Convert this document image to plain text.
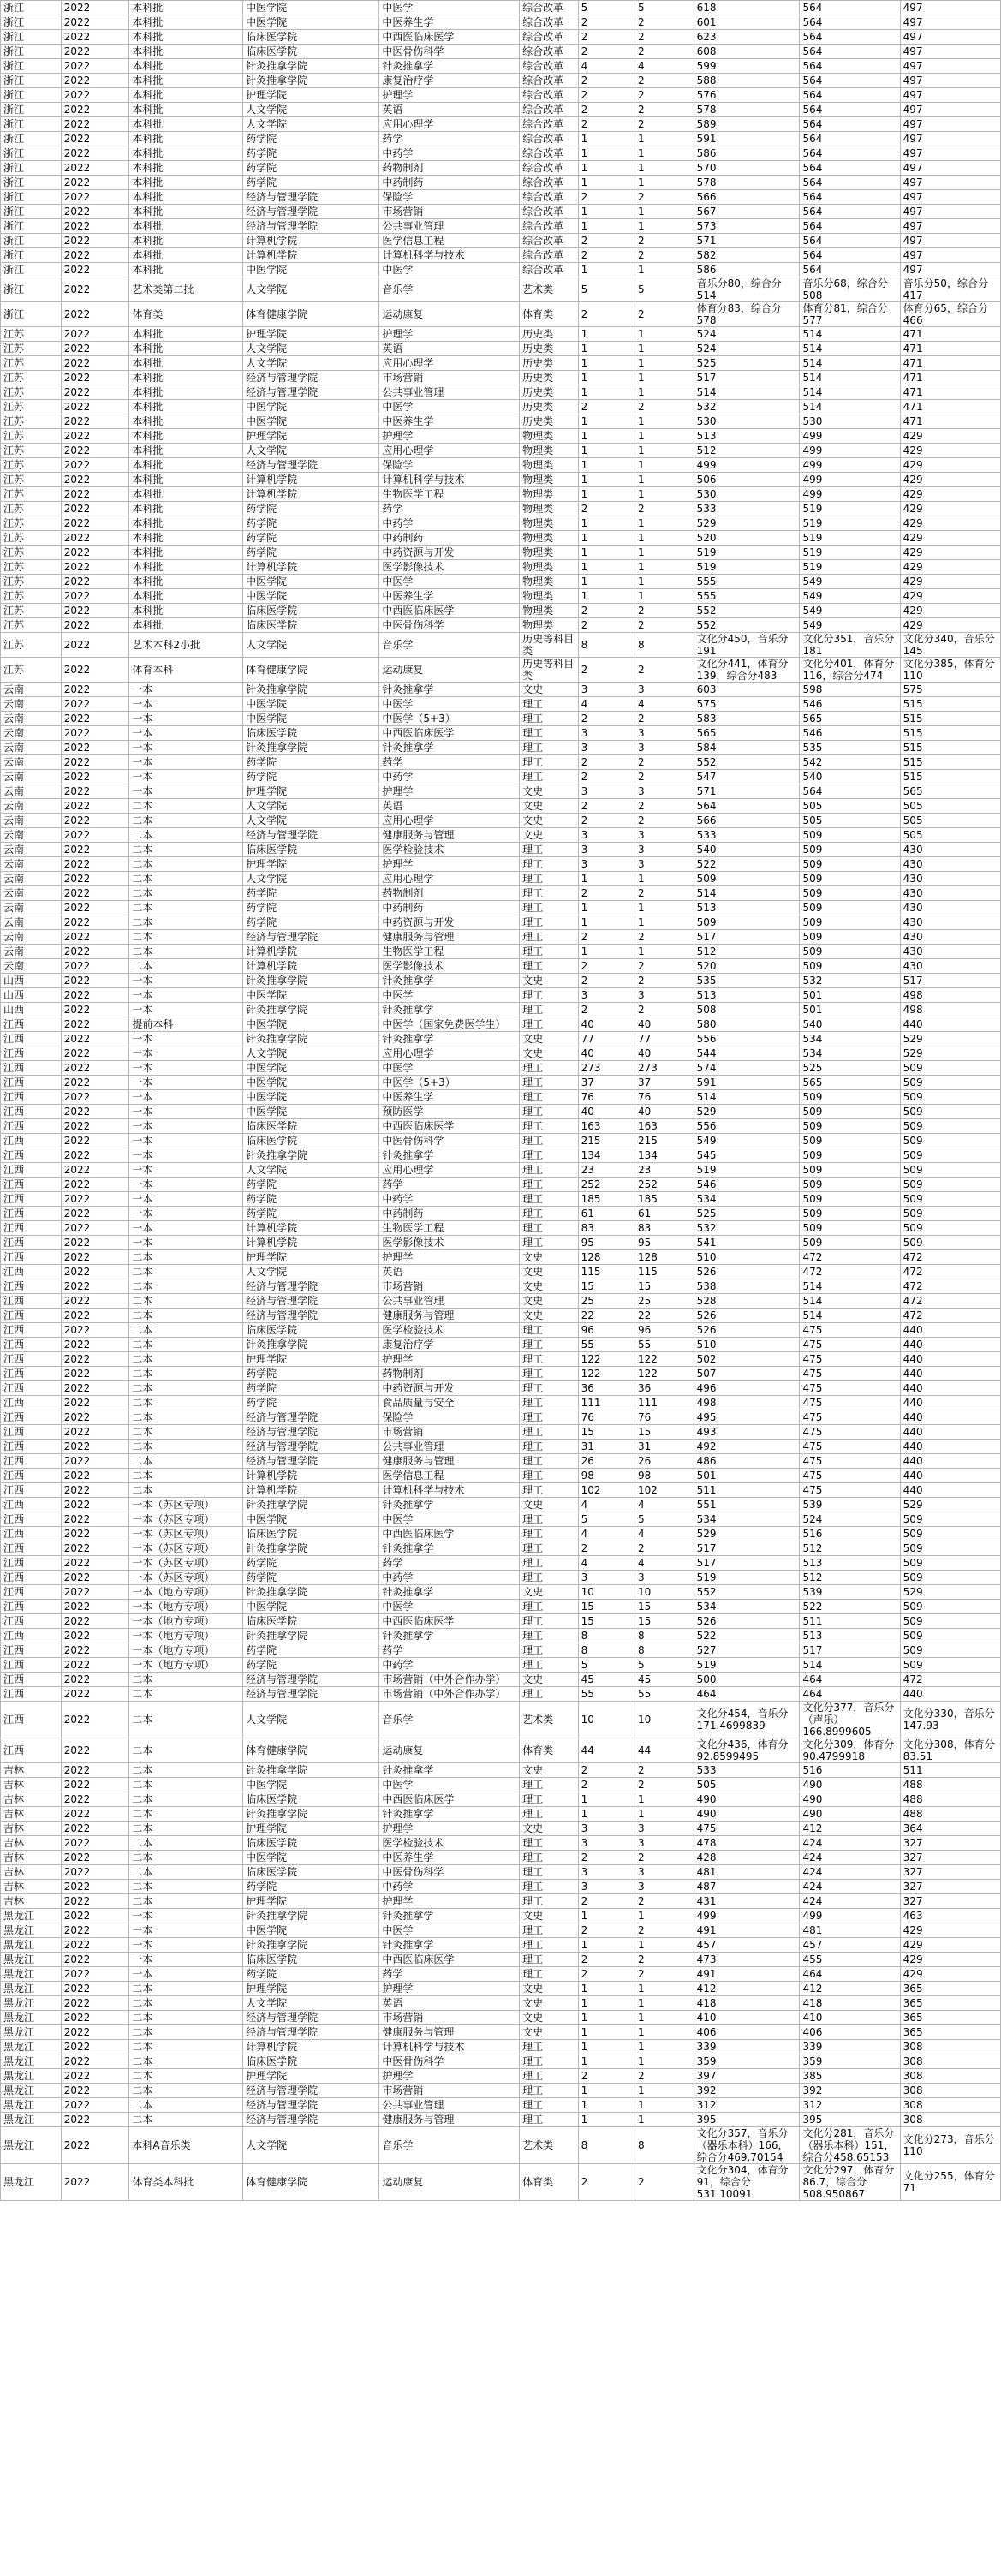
浙江	2022	本科批	中医学院	中医学	综合改革	5	5	618	564	497
浙江	2022	本科批	中医学院	中医养生学	综合改革	2	2	601	564	497
浙江	2022	本科批	临床医学院	中西医临床医学	综合改革	2	2	623	564	497
浙江	2022	本科批	临床医学院	中医骨伤科学	综合改革	2	2	608	564	497
浙江	2022	本科批	针灸推拿学院	针灸推拿学	综合改革	4	4	599	564	497
浙江	2022	本科批	针灸推拿学院	康复治疗学	综合改革	2	2	588	564	497
浙江	2022	本科批	护理学院	护理学	综合改革	2	2	576	564	497
浙江	2022	本科批	人文学院	英语	综合改革	2	2	578	564	497
浙江	2022	本科批	人文学院	应用心理学	综合改革	2	2	589	564	497
浙江	2022	本科批	药学院	药学	综合改革	1	1	591	564	497
浙江	2022	本科批	药学院	中药学	综合改革	1	1	586	564	497
浙江	2022	本科批	药学院	药物制剂	综合改革	1	1	570	564	497
浙江	2022	本科批	药学院	中药制药	综合改革	1	1	578	564	497
浙江	2022	本科批	经济与管理学院	保险学	综合改革	2	2	566	564	497
浙江	2022	本科批	经济与管理学院	市场营销	综合改革	1	1	567	564	497
浙江	2022	本科批	经济与管理学院	公共事业管理	综合改革	1	1	573	564	497
浙江	2022	本科批	计算机学院	医学信息工程	综合改革	2	2	571	564	497
浙江	2022	本科批	计算机学院	计算机科学与技术	综合改革	2	2	582	564	497
浙江	2022	本科批	中医学院	中医学	综合改革	1	1	586	564	497
浙江	2022	艺术类第二批	人文学院	音乐学	艺术类	5	5	音乐分80，综合分514	音乐分68，综合分508	音乐分50，综合分417
浙江	2022	体育类	体育健康学院	运动康复	体育类	2	2	体育分83，综合分578	体育分81，综合分577	体育分65，综合分466
江苏	2022	本科批	护理学院	护理学	历史类	1	1	524	514	471
江苏	2022	本科批	人文学院	英语	历史类	1	1	524	514	471
江苏	2022	本科批	人文学院	应用心理学	历史类	1	1	525	514	471
江苏	2022	本科批	经济与管理学院	市场营销	历史类	1	1	517	514	471
江苏	2022	本科批	经济与管理学院	公共事业管理	历史类	1	1	514	514	471
江苏	2022	本科批	中医学院	中医学	历史类	2	2	532	514	471
江苏	2022	本科批	中医学院	中医养生学	历史类	1	1	530	530	471
江苏	2022	本科批	护理学院	护理学	物理类	1	1	513	499	429
江苏	2022	本科批	人文学院	应用心理学	物理类	1	1	512	499	429
江苏	2022	本科批	经济与管理学院	保险学	物理类	1	1	499	499	429
江苏	2022	本科批	计算机学院	计算机科学与技术	物理类	1	1	506	499	429
江苏	2022	本科批	计算机学院	生物医学工程	物理类	1	1	530	499	429
江苏	2022	本科批	药学院	药学	物理类	2	2	533	519	429
江苏	2022	本科批	药学院	中药学	物理类	1	1	529	519	429
江苏	2022	本科批	药学院	中药制药	物理类	1	1	520	519	429
江苏	2022	本科批	药学院	中药资源与开发	物理类	1	1	519	519	429
江苏	2022	本科批	计算机学院	医学影像技术	物理类	1	1	519	519	429
江苏	2022	本科批	中医学院	中医学	物理类	1	1	555	549	429
江苏	2022	本科批	中医学院	中医养生学	物理类	1	1	555	549	429
江苏	2022	本科批	临床医学院	中西医临床医学	物理类	2	2	552	549	429
江苏	2022	本科批	临床医学院	中医骨伤科学	物理类	2	2	552	549	429
江苏	2022	艺术本科2小批	人文学院	音乐学	历史等科目类	8	8	文化分450，音乐分191	文化分351，音乐分181	文化分340，音乐分145
江苏	2022	体育本科	体育健康学院	运动康复	历史等科目类	2	2	文化分441，体育分139，综合分483	文化分401，体育分116，综合分474	文化分385，体育分110
云南	2022	一本	针灸推拿学院	针灸推拿学	文史	3	3	603	598	575
云南	2022	一本	中医学院	中医学	理工	4	4	575	546	515
云南	2022	一本	中医学院	中医学（5+3）	理工	2	2	583	565	515
云南	2022	一本	临床医学院	中西医临床医学	理工	3	3	565	546	515
云南	2022	一本	针灸推拿学院	针灸推拿学	理工	3	3	584	535	515
云南	2022	一本	药学院	药学	理工	2	2	552	542	515
云南	2022	一本	药学院	中药学	理工	2	2	547	540	515
云南	2022	一本	护理学院	护理学	文史	3	3	571	564	565
云南	2022	二本	人文学院	英语	文史	2	2	564	505	505
云南	2022	二本	人文学院	应用心理学	文史	2	2	566	505	505
云南	2022	二本	经济与管理学院	健康服务与管理	文史	3	3	533	509	505
云南	2022	二本	临床医学院	医学检验技术	理工	3	3	540	509	430
云南	2022	二本	护理学院	护理学	理工	3	3	522	509	430
云南	2022	二本	人文学院	应用心理学	理工	1	1	509	509	430
云南	2022	二本	药学院	药物制剂	理工	2	2	514	509	430
云南	2022	二本	药学院	中药制药	理工	1	1	513	509	430
云南	2022	二本	药学院	中药资源与开发	理工	1	1	509	509	430
云南	2022	二本	经济与管理学院	健康服务与管理	理工	2	2	517	509	430
云南	2022	二本	计算机学院	生物医学工程	理工	1	1	512	509	430
云南	2022	二本	计算机学院	医学影像技术	理工	2	2	520	509	430
山西	2022	一本	针灸推拿学院	针灸推拿学	文史	2	2	535	532	517
山西	2022	一本	中医学院	中医学	理工	3	3	513	501	498
山西	2022	一本	针灸推拿学院	针灸推拿学	理工	2	2	508	501	498
江西	2022	提前本科	中医学院	中医学（国家免费医学生）	理工	40	40	580	540	440
江西	2022	一本	针灸推拿学院	针灸推拿学	文史	77	77	556	534	529
江西	2022	一本	人文学院	应用心理学	文史	40	40	544	534	529
江西	2022	一本	中医学院	中医学	理工	273	273	574	525	509
江西	2022	一本	中医学院	中医学（5+3）	理工	37	37	591	565	509
江西	2022	一本	中医学院	中医养生学	理工	76	76	514	509	509
江西	2022	一本	中医学院	预防医学	理工	40	40	529	509	509
江西	2022	一本	临床医学院	中西医临床医学	理工	163	163	556	509	509
江西	2022	一本	临床医学院	中医骨伤科学	理工	215	215	549	509	509
江西	2022	一本	针灸推拿学院	针灸推拿学	理工	134	134	545	509	509
江西	2022	一本	人文学院	应用心理学	理工	23	23	519	509	509
江西	2022	一本	药学院	药学	理工	252	252	546	509	509
江西	2022	一本	药学院	中药学	理工	185	185	534	509	509
江西	2022	一本	药学院	中药制药	理工	61	61	525	509	509
江西	2022	一本	计算机学院	生物医学工程	理工	83	83	532	509	509
江西	2022	一本	计算机学院	医学影像技术	理工	95	95	541	509	509
江西	2022	二本	护理学院	护理学	文史	128	128	510	472	472
江西	2022	二本	人文学院	英语	文史	115	115	526	472	472
江西	2022	二本	经济与管理学院	市场营销	文史	15	15	538	514	472
江西	2022	二本	经济与管理学院	公共事业管理	文史	25	25	528	514	472
江西	2022	二本	经济与管理学院	健康服务与管理	文史	22	22	526	514	472
江西	2022	二本	临床医学院	医学检验技术	理工	96	96	526	475	440
江西	2022	二本	针灸推拿学院	康复治疗学	理工	55	55	510	475	440
江西	2022	二本	护理学院	护理学	理工	122	122	502	475	440
江西	2022	二本	药学院	药物制剂	理工	122	122	507	475	440
江西	2022	二本	药学院	中药资源与开发	理工	36	36	496	475	440
江西	2022	二本	药学院	食品质量与安全	理工	111	111	498	475	440
江西	2022	二本	经济与管理学院	保险学	理工	76	76	495	475	440
江西	2022	二本	经济与管理学院	市场营销	理工	15	15	493	475	440
江西	2022	二本	经济与管理学院	公共事业管理	理工	31	31	492	475	440
江西	2022	二本	经济与管理学院	健康服务与管理	理工	26	26	486	475	440
江西	2022	二本	计算机学院	医学信息工程	理工	98	98	501	475	440
江西	2022	二本	计算机学院	计算机科学与技术	理工	102	102	511	475	440
江西	2022	一本（苏区专项）	针灸推拿学院	针灸推拿学	文史	4	4	551	539	529
江西	2022	一本（苏区专项）	中医学院	中医学	理工	5	5	534	524	509
江西	2022	一本（苏区专项）	临床医学院	中西医临床医学	理工	4	4	529	516	509
江西	2022	一本（苏区专项）	针灸推拿学院	针灸推拿学	理工	2	2	517	512	509
江西	2022	一本（苏区专项）	药学院	药学	理工	4	4	517	513	509
江西	2022	一本（苏区专项）	药学院	中药学	理工	3	3	519	512	509
江西	2022	一本（地方专项）	针灸推拿学院	针灸推拿学	文史	10	10	552	539	529
江西	2022	一本（地方专项）	中医学院	中医学	理工	15	15	534	522	509
江西	2022	一本（地方专项）	临床医学院	中西医临床医学	理工	15	15	526	511	509
江西	2022	一本（地方专项）	针灸推拿学院	针灸推拿学	理工	8	8	522	513	509
江西	2022	一本（地方专项）	药学院	药学	理工	8	8	527	517	509
江西	2022	一本（地方专项）	药学院	中药学	理工	5	5	519	514	509
江西	2022	二本	经济与管理学院	市场营销（中外合作办学）	文史	45	45	500	464	472
江西	2022	二本	经济与管理学院	市场营销（中外合作办学）	理工	55	55	464	464	440
江西	2022	二本	人文学院	音乐学	艺术类	10	10	文化分454，音乐分171.4699839	文化分377，音乐分（声乐）166.8999605	文化分330，音乐分147.93
江西	2022	二本	体育健康学院	运动康复	体育类	44	44	文化分436，体育分92.8599495	文化分309，体育分90.4799918	文化分308，体育分83.51
吉林	2022	二本	针灸推拿学院	针灸推拿学	文史	2	2	533	516	511
吉林	2022	二本	中医学院	中医学	理工	2	2	505	490	488
吉林	2022	二本	临床医学院	中西医临床医学	理工	1	1	490	490	488
吉林	2022	二本	针灸推拿学院	针灸推拿学	理工	1	1	490	490	488
吉林	2022	二本	护理学院	护理学	文史	3	3	475	412	364
吉林	2022	二本	临床医学院	医学检验技术	理工	3	3	478	424	327
吉林	2022	二本	中医学院	中医养生学	理工	2	2	428	424	327
吉林	2022	二本	临床医学院	中医骨伤科学	理工	3	3	481	424	327
吉林	2022	二本	药学院	中药学	理工	3	3	487	424	327
吉林	2022	二本	护理学院	护理学	理工	2	2	431	424	327
黑龙江	2022	一本	针灸推拿学院	针灸推拿学	文史	1	1	499	499	463
黑龙江	2022	一本	中医学院	中医学	理工	2	2	491	481	429
黑龙江	2022	一本	针灸推拿学院	针灸推拿学	理工	1	1	457	457	429
黑龙江	2022	一本	临床医学院	中西医临床医学	理工	2	2	473	455	429
黑龙江	2022	一本	药学院	药学	理工	2	2	491	464	429
黑龙江	2022	二本	护理学院	护理学	文史	1	1	412	412	365
黑龙江	2022	二本	人文学院	英语	文史	1	1	418	418	365
黑龙江	2022	二本	经济与管理学院	市场营销	文史	1	1	410	410	365
黑龙江	2022	二本	经济与管理学院	健康服务与管理	文史	1	1	406	406	365
黑龙江	2022	二本	计算机学院	计算机科学与技术	理工	1	1	339	339	308
黑龙江	2022	二本	临床医学院	中医骨伤科学	理工	1	1	359	359	308
黑龙江	2022	二本	护理学院	护理学	理工	2	2	397	385	308
黑龙江	2022	二本	经济与管理学院	市场营销	理工	1	1	392	392	308
黑龙江	2022	二本	经济与管理学院	公共事业管理	理工	1	1	312	312	308
黑龙江	2022	二本	经济与管理学院	健康服务与管理	理工	1	1	395	395	308
黑龙江	2022	本科A音乐类	人文学院	音乐学	艺术类	8	8	文化分357，音乐分（器乐本科）166，综合分469.70154	文化分281，音乐分（器乐本科）151，综合分458.65153	文化分273，音乐分110
黑龙江	2022	体育类本科批	体育健康学院	运动康复	体育类	2	2	文化分304，体育分91，综合分531.10091	文化分297，体育分86.7，综合分508.950867	文化分255，体育分71
